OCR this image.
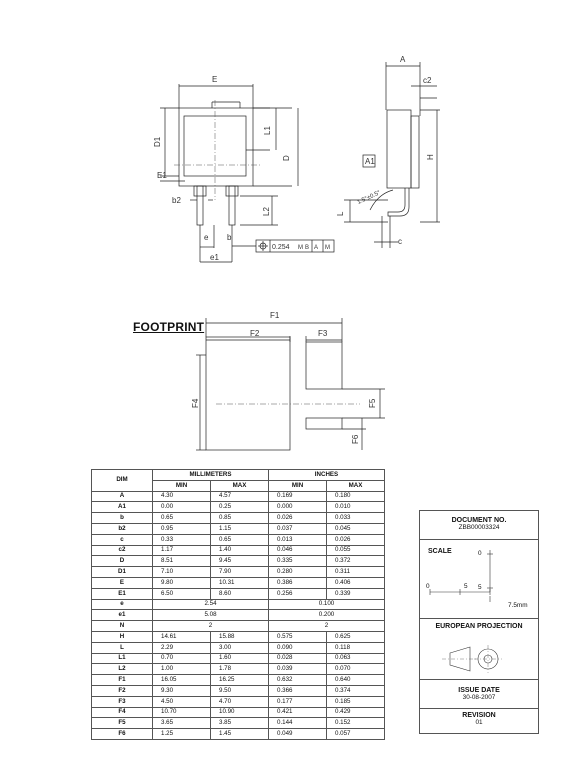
E
A
c2
D1
L1
D	H
A1
E1
b2
L2	L
b
e	c
e1
0.254 M B A M
1.5°±0.5°
F1
F2	F3
F4	F5
F6
FOOTPRINT
DIM	MILLIMETERS		INCHES	
	MIN	MAX	MIN	MAX
A	4.30	4.57	0.169	0.180
A1	0.00	0.25	0.000	0.010
b	0.65	0.85	0.026	0.033
b2	0.95	1.15	0.037	0.045
c	0.33	0.65	0.013	0.026
c2	1.17	1.40	0.046	0.055
D	8.51	9.45	0.335	0.372
D1	7.10	7.90	0.280	0.311
E	9.80	10.31	0.386	0.406
E1	6.50	8.60	0.256	0.339
e	2.54		0.100	
e1	5.08		0.200	
N	2		2	
H	14.61	15.88	0.575	0.625
L	2.29	3.00	0.090	0.118
L1	0.70	1.60	0.028	0.063
L2	1.00	1.78	0.039	0.070
F1	16.05	16.25	0.632	0.640
F2	9.30	9.50	0.366	0.374
F3	4.50	4.70	0.177	0.185
F4	10.70	10.90	0.421	0.429
F5	3.65	3.85	0.144	0.152
F6	1.25	1.45	0.049	0.057
DOCUMENT NO.
ZBB00003324
SCALE	0
5
0	5
7.5mm
EUROPEAN PROJECTION
ISSUE DATE
30-08-2007
REVISION
01
